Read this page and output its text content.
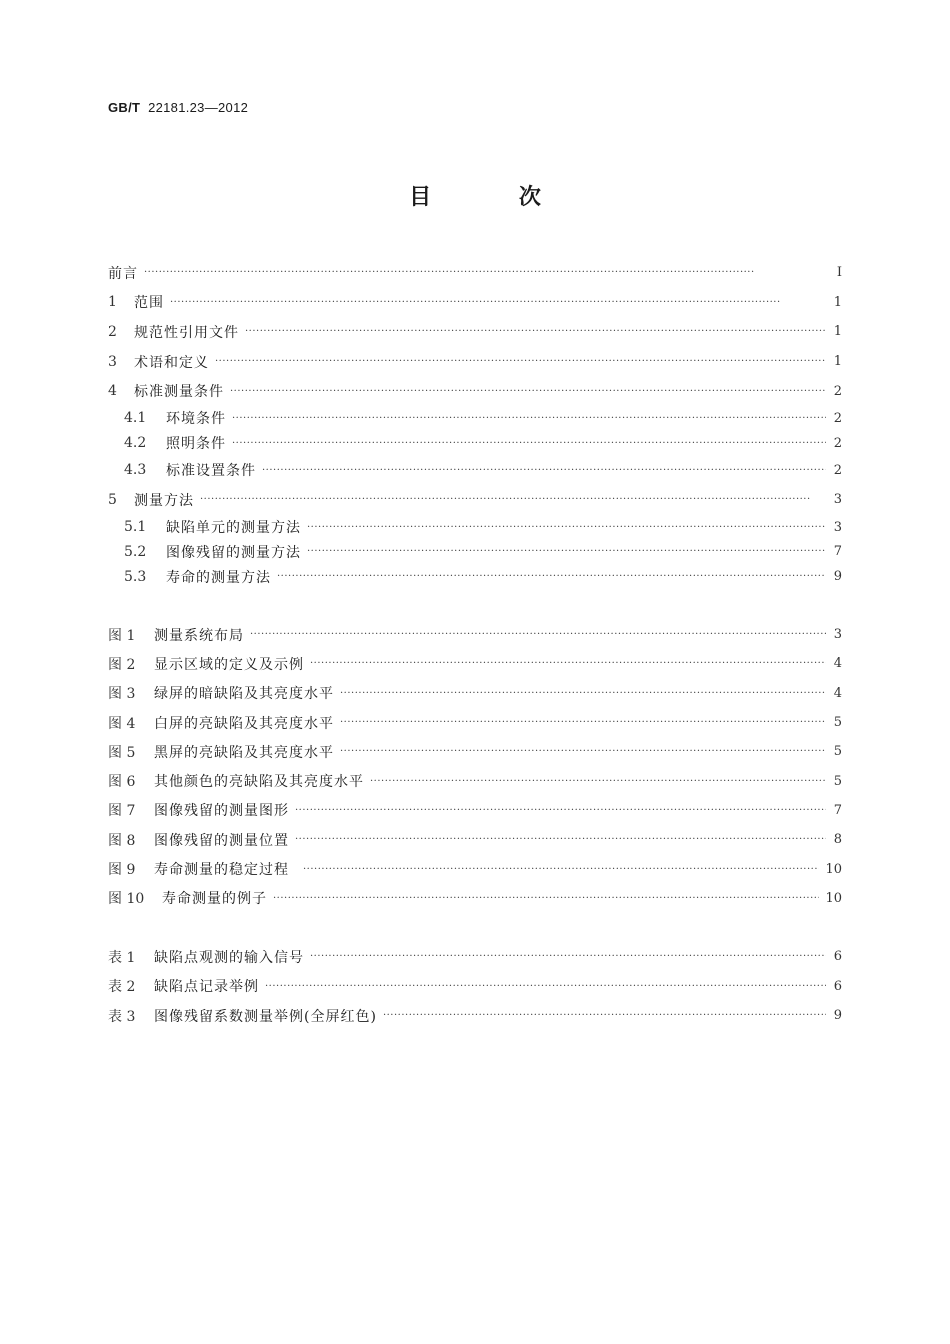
GB/T 22181.23—2012
目 次
前言 ·····	Ⅰ
1	范围 ·····	1
2	规范性引用文件 ·····	1
3	术语和定义 ·····	1
4	标准测量条件 ·····	2
4.1	环境条件 ·····	2
4.2	照明条件 ·····	2
4.3	标准设置条件 ·····	2
5	测量方法 ·····	3
5.1	缺陷单元的测量方法 ·····	3
5.2	图像残留的测量方法 ·····	7
5.3	寿命的测量方法 ·····	9
图 1	测量系统布局 ·····	3
图 2	显示区域的定义及示例 ·····	4
图 3	绿屏的暗缺陷及其亮度水平 ·····	4
图 4	白屏的亮缺陷及其亮度水平 ·····	5
图 5	黑屏的亮缺陷及其亮度水平 ·····	5
图 6	其他颜色的亮缺陷及其亮度水平 ·····	5
图 7	图像残留的测量图形 ·····	7
图 8	图像残留的测量位置 ·····	8
图 9	寿命测量的稳定过程 ·····	10
图 10	寿命测量的例子 ·····	10
表 1	缺陷点观测的输入信号 ·····	6
表 2	缺陷点记录举例 ·····	6
表 3	图像残留系数测量举例(全屏红色) ·····	9
